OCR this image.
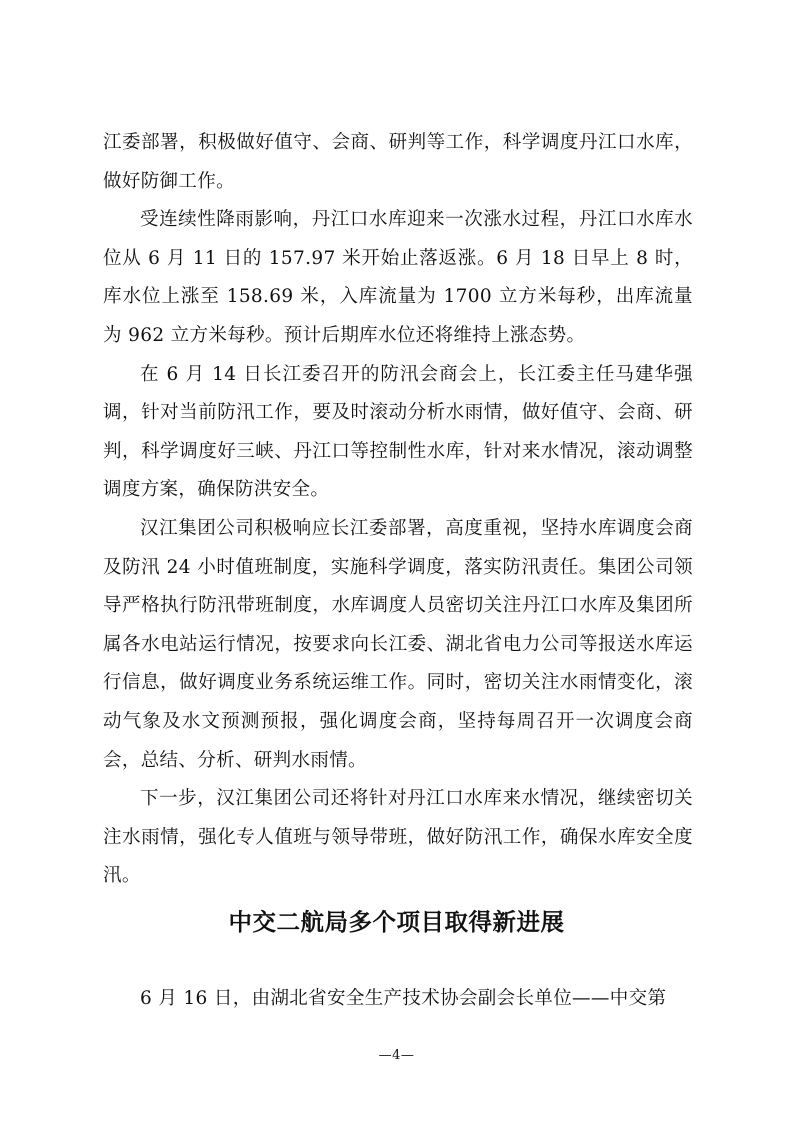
江委部署，积极做好值守、会商、研判等工作，科学调度丹江口水库，做好防御工作。

受连续性降雨影响，丹江口水库迎来一次涨水过程，丹江口水库水位从 6 月 11 日的 157.97 米开始止落返涨。6 月 18 日早上 8 时，库水位上涨至 158.69 米，入库流量为 1700 立方米每秒，出库流量为 962 立方米每秒。预计后期库水位还将维持上涨态势。

在 6 月 14 日长江委召开的防汛会商会上，长江委主任马建华强调，针对当前防汛工作，要及时滚动分析水雨情，做好值守、会商、研判，科学调度好三峡、丹江口等控制性水库，针对来水情况，滚动调整调度方案，确保防洪安全。

汉江集团公司积极响应长江委部署，高度重视，坚持水库调度会商及防汛 24 小时值班制度，实施科学调度，落实防汛责任。集团公司领导严格执行防汛带班制度，水库调度人员密切关注丹江口水库及集团所属各水电站运行情况，按要求向长江委、湖北省电力公司等报送水库运行信息，做好调度业务系统运维工作。同时，密切关注水雨情变化，滚动气象及水文预测预报，强化调度会商，坚持每周召开一次调度会商会，总结、分析、研判水雨情。

下一步，汉江集团公司还将针对丹江口水库来水情况，继续密切关注水雨情，强化专人值班与领导带班，做好防汛工作，确保水库安全度汛。

中交二航局多个项目取得新进展

6 月 16 日，由湖北省安全生产技术协会副会长单位——中交第

—4—
